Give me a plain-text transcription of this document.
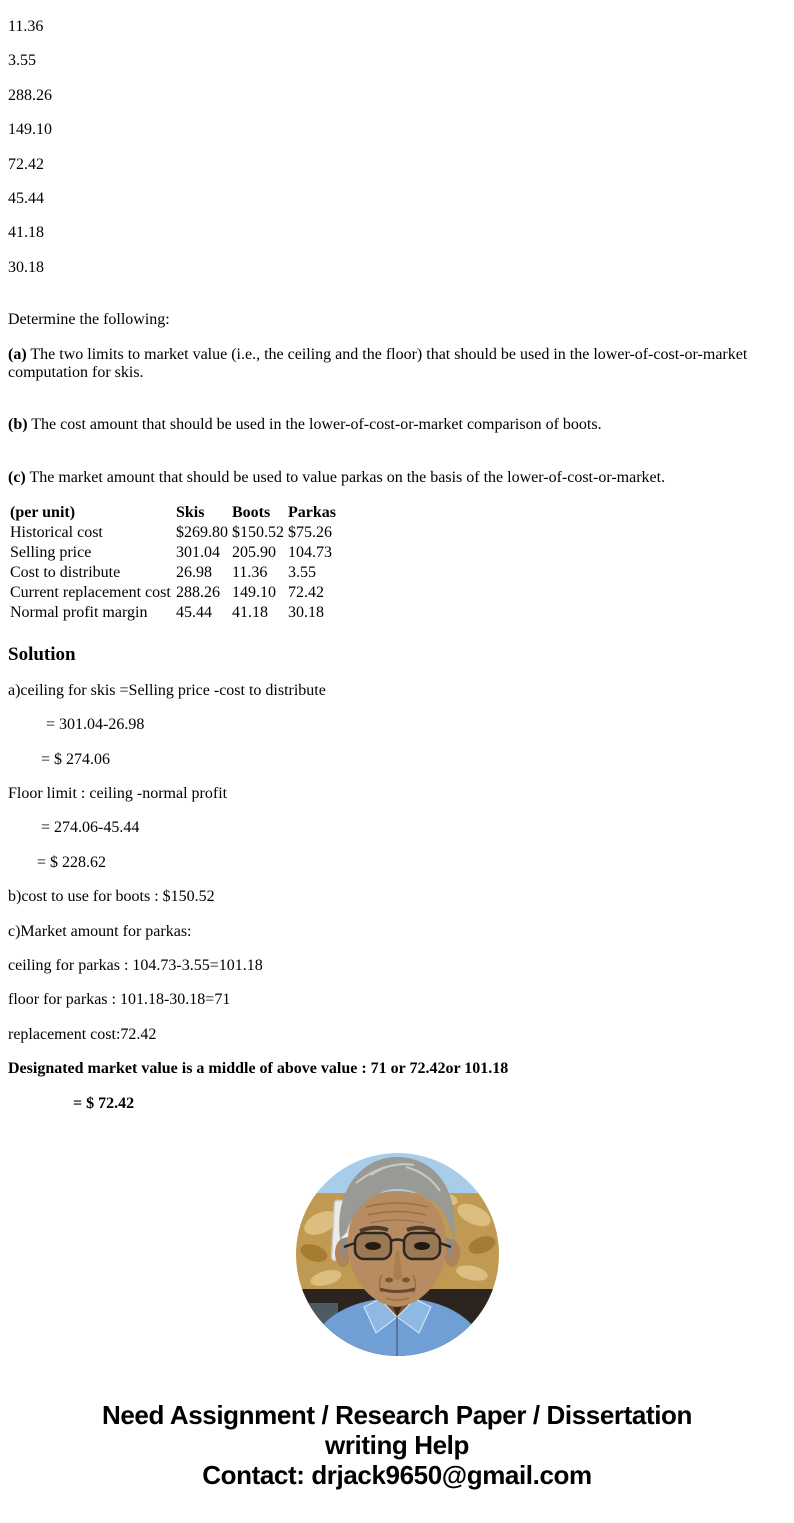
11.36

3.55

288.26

149.10

72.42

45.44

41.18

30.18

Determine the following:

(a) The two limits to market value (i.e., the ceiling and the floor) that should be used in the lower-of-cost-or-market computation for skis.

(b) The cost amount that should be used in the lower-of-cost-or-market comparison of boots.

(c) The market amount that should be used to value parkas on the basis of the lower-of-cost-or-market.

(per unit)	Skis	Boots	Parkas
Historical cost	$269.80	$150.52	$75.26
Selling price	301.04	205.90	104.73
Cost to distribute	26.98	11.36	3.55
Current replacement cost	288.26	149.10	72.42
Normal profit margin	45.44	41.18	30.18
Solution

a)ceiling for skis =Selling price -cost to distribute

= 301.04-26.98

= $ 274.06

Floor limit : ceiling -normal profit

= 274.06-45.44

= $ 228.62

b)cost to use for boots : $150.52

c)Market amount for parkas:

ceiling for parkas : 104.73-3.55=101.18

floor for parkas : 101.18-30.18=71

replacement cost:72.42

Designated market value is a middle of above value : 71 or 72.42or 101.18

= $ 72.42

Need Assignment / Research Paper / Dissertation
writing Help
Contact: drjack9650@gmail.com
